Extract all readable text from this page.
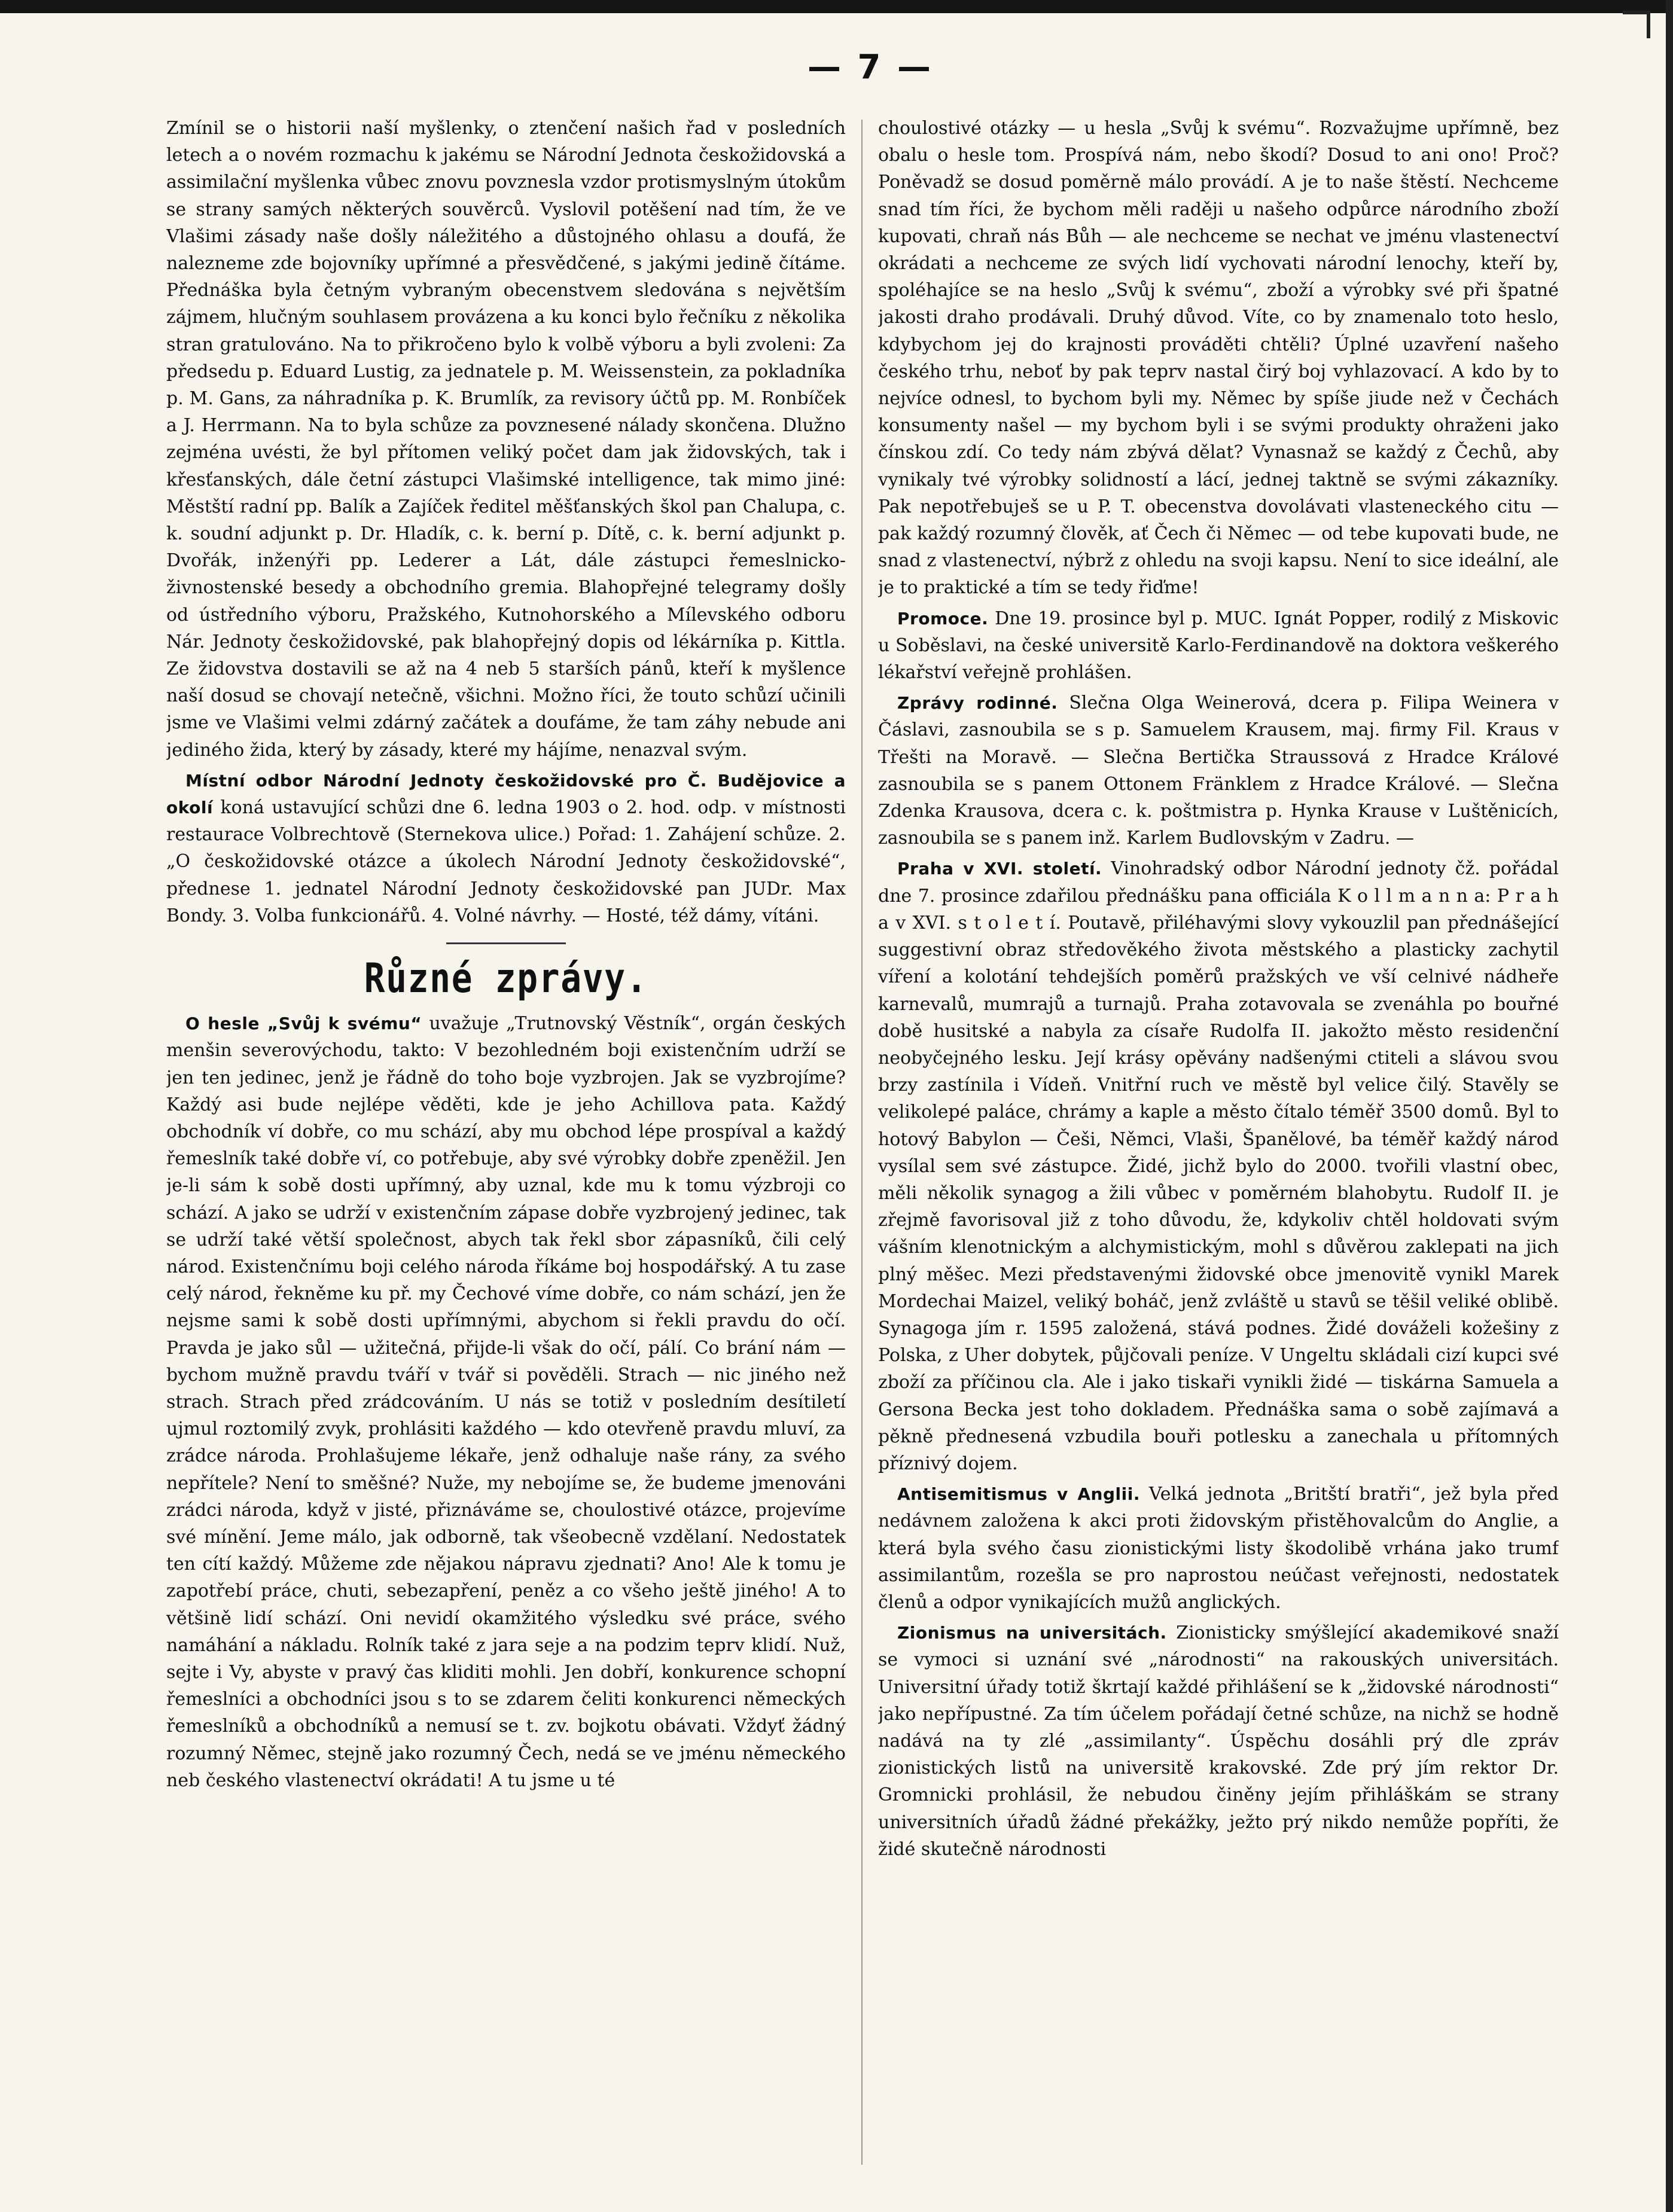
— 7 —

Zmínil se o historii naší myšlenky, o ztenčení našich řad v posledních letech a o novém rozmachu k jakému se Národní Jednota českožidovská a assimilační myšlenka vůbec znovu povznesla vzdor protismyslným útokům se strany samých některých souvěrců. Vyslovil potěšení nad tím, že ve Vlašimi zásady naše došly náležitého a důstojného ohlasu a doufá, že nalezneme zde bojovníky upřímné a přesvědčené, s jakými jedině čítáme. Přednáška byla četným vybraným obecenstvem sledována s největším zájmem, hlučným souhlasem provázena a ku konci bylo řečníku z několika stran gratulováno. Na to přikročeno bylo k volbě výboru a byli zvoleni: Za předsedu p. Eduard Lustig, za jednatele p. M. Weissenstein, za pokladníka p. M. Gans, za náhradníka p. K. Brumlík, za revisory účtů pp. M. Ronbíček a J. Herrmann. Na to byla schůze za povznesené nálady skončena. Dlužno zejména uvésti, že byl přítomen veliký počet dam jak židovských, tak i křesťanských, dále četní zástupci Vlašimské intelligence, tak mimo jiné: Městští radní pp. Balík a Zajíček ředitel měšťanských škol pan Chalupa, c. k. soudní adjunkt p. Dr. Hladík, c. k. berní p. Dítě, c. k. berní adjunkt p. Dvořák, inženýři pp. Lederer a Lát, dále zástupci řemeslnicko-živnostenské besedy a obchodního gremia. Blahopřejné telegramy došly od ústředního výboru, Pražského, Kutnohorského a Mílevského odboru Nár. Jednoty českožidovské, pak blahopřejný dopis od lékárníka p. Kittla. Ze židovstva dostavili se až na 4 neb 5 starších pánů, kteří k myšlence naší dosud se chovají netečně, všichni. Možno říci, že touto schůzí učinili jsme ve Vlašimi velmi zdárný začátek a doufáme, že tam záhy nebude ani jediného žida, který by zásady, které my hájíme, nenazval svým.

Místní odbor Národní Jednoty českožidovské pro Č. Budějovice a okolí koná ustavující schůzi dne 6. ledna 1903 o 2. hod. odp. v místnosti restaurace Volbrechtově (Sternekova ulice.) Pořad: 1. Zahájení schůze. 2. „O českožidovské otázce a úkolech Národní Jednoty českožidovské“, přednese 1. jednatel Národní Jednoty českožidovské pan JUDr. Max Bondy. 3. Volba funkcionářů. 4. Volné návrhy. — Hosté, též dámy, vítáni.

Různé zprávy.

O hesle „Svůj k svému“ uvažuje „Trutnovský Věstník“, orgán českých menšin severovýchodu, takto: V bezohledném boji existenčním udrží se jen ten jedinec, jenž je řádně do toho boje vyzbrojen. Jak se vyzbrojíme? Každý asi bude nejlépe věděti, kde je jeho Achillova pata. Každý obchodník ví dobře, co mu schází, aby mu obchod lépe prospíval a každý řemeslník také dobře ví, co potřebuje, aby své výrobky dobře zpeněžil. Jen je-li sám k sobě dosti upřímný, aby uznal, kde mu k tomu výzbroji co schází. A jako se udrží v existenčním zápase dobře vyzbrojený jedinec, tak se udrží také větší společnost, abych tak řekl sbor zápasníků, čili celý národ. Existenčnímu boji celého národa říkáme boj hospodářský. A tu zase celý národ, řekněme ku př. my Čechové víme dobře, co nám schází, jen že nejsme sami k sobě dosti upřímnými, abychom si řekli pravdu do očí. Pravda je jako sůl — užitečná, přijde-li však do očí, pálí. Co brání nám — bychom mužně pravdu tváří v tvář si pověděli. Strach — nic jiného než strach. Strach před zrádcováním. U nás se totiž v posledním desítiletí ujmul roztomilý zvyk, prohlásiti každého — kdo otevřeně pravdu mluví, za zrádce národa. Prohlašujeme lékaře, jenž odhaluje naše rány, za svého nepřítele? Není to směšné? Nuže, my nebojíme se, že budeme jmenováni zrádci národa, když v jisté, přiznáváme se, choulostivé otázce, projevíme své mínění. Jeme málo, jak odborně, tak všeobecně vzdělaní. Nedostatek ten cítí každý. Můžeme zde nějakou nápravu zjednati? Ano! Ale k tomu je zapotřebí práce, chuti, sebezapření, peněz a co všeho ještě jiného! A to většině lidí schází. Oni nevidí okamžitého výsledku své práce, svého namáhání a nákladu. Rolník také z jara seje a na podzim teprv klidí. Nuž, sejte i Vy, abyste v pravý čas kliditi mohli. Jen dobří, konkurence schopní řemeslníci a obchodníci jsou s to se zdarem čeliti konkurenci německých řemeslníků a obchodníků a nemusí se t. zv. bojkotu obávati. Vždyť žádný rozumný Němec, stejně jako rozumný Čech, nedá se ve jménu německého neb českého vlastenectví okrádati! A tu jsme u té

choulostivé otázky — u hesla „Svůj k svému“. Rozvažujme upřímně, bez obalu o hesle tom. Prospívá nám, nebo škodí? Dosud to ani ono! Proč? Poněvadž se dosud poměrně málo provádí. A je to naše štěstí. Nechceme snad tím říci, že bychom měli raději u našeho odpůrce národního zboží kupovati, chraň nás Bůh — ale nechceme se nechat ve jménu vlastenectví okrádati a nechceme ze svých lidí vychovati národní lenochy, kteří by, spoléhajíce se na heslo „Svůj k svému“, zboží a výrobky své při špatné jakosti draho prodávali. Druhý důvod. Víte, co by znamenalo toto heslo, kdybychom jej do krajnosti prováděti chtěli? Úplné uzavření našeho českého trhu, neboť by pak teprv nastal čirý boj vyhlazovací. A kdo by to nejvíce odnesl, to bychom byli my. Němec by spíše jiude než v Čechách konsumenty našel — my bychom byli i se svými produkty ohraženi jako čínskou zdí. Co tedy nám zbývá dělat? Vynasnaž se každý z Čechů, aby vynikaly tvé výrobky solidností a lácí, jednej taktně se svými zákazníky. Pak nepotřebuješ se u P. T. obecenstva dovolávati vlasteneckého citu — pak každý rozumný člověk, ať Čech či Němec — od tebe kupovati bude, ne snad z vlastenectví, nýbrž z ohledu na svoji kapsu. Není to sice ideální, ale je to praktické a tím se tedy řiďme!

Promoce. Dne 19. prosince byl p. MUC. Ignát Popper, rodilý z Miskovic u Soběslavi, na české universitě Karlo-Ferdinandově na doktora veškerého lékařství veřejně prohlášen.

Zprávy rodinné. Slečna Olga Weinerová, dcera p. Filipa Weinera v Čáslavi, zasnoubila se s p. Samuelem Krausem, maj. firmy Fil. Kraus v Třešti na Moravě. — Slečna Bertička Straussová z Hradce Králové zasnoubila se s panem Ottonem Fränklem z Hradce Králové. — Slečna Zdenka Krausova, dcera c. k. poštmistra p. Hynka Krause v Luštěnicích, zasnoubila se s panem inž. Karlem Budlovským v Zadru. —

Praha v XVI. století. Vinohradský odbor Národní jednoty čž. pořádal dne 7. prosince zdařilou přednášku pana officiála K o l l m a n n a: P r a h a v XVI. s t o l e t í. Poutavě, přiléhavými slovy vykouzlil pan přednášející suggestivní obraz středověkého života městského a plasticky zachytil víření a kolotání tehdejších poměrů pražských ve vší celnivé nádheře karnevalů, mumrajů a turnajů. Praha zotavovala se zvenáhla po bouřné době husitské a nabyla za císaře Rudolfa II. jakožto město residenční neobyčejného lesku. Její krásy opěvány nadšenými ctiteli a slávou svou brzy zastínila i Vídeň. Vnitřní ruch ve městě byl velice čilý. Stavěly se velikolepé paláce, chrámy a kaple a město čítalo téměř 3500 domů. Byl to hotový Babylon — Češi, Němci, Vlaši, Španělové, ba téměř každý národ vysílal sem své zástupce. Židé, jichž bylo do 2000. tvořili vlastní obec, měli několik synagog a žili vůbec v poměrném blahobytu. Rudolf II. je zřejmě favorisoval již z toho důvodu, že, kdykoliv chtěl holdovati svým vášním klenotnickým a alchymistickým, mohl s důvěrou zaklepati na jich plný měšec. Mezi představenými židovské obce jmenovitě vynikl Marek Mordechai Maizel, veliký boháč, jenž zvláště u stavů se těšil veliké oblibě. Synagoga jím r. 1595 založená, stává podnes. Židé dováželi kožešiny z Polska, z Uher dobytek, půjčovali peníze. V Ungeltu skládali cizí kupci své zboží za příčinou cla. Ale i jako tiskaři vynikli židé — tiskárna Samuela a Gersona Becka jest toho dokladem. Přednáška sama o sobě zajímavá a pěkně přednesená vzbudila bouři potlesku a zanechala u přítomných příznivý dojem.

Antisemitismus v Anglii. Velká jednota „Britští bratři“, jež byla před nedávnem založena k akci proti židovským přistěhovalcům do Anglie, a která byla svého času zionistickými listy škodolibě vrhána jako trumf assimilantům, rozešla se pro naprostou neúčast veřejnosti, nedostatek členů a odpor vynikajících mužů anglických.

Zionismus na universitách. Zionisticky smýšlející akademikové snaží se vymoci si uznání své „národnosti“ na rakouských universitách. Universitní úřady totiž škrtají každé přihlášení se k „židovské národnosti“ jako nepřípustné. Za tím účelem pořádají četné schůze, na nichž se hodně nadává na ty zlé „assimilanty“. Úspěchu dosáhli prý dle zpráv zionistických listů na universitě krakovské. Zde prý jím rektor Dr. Gromnicki prohlásil, že nebudou činěny jejím přihláškám se strany universitních úřadů žádné překážky, ježto prý nikdo nemůže popříti, že židé skutečně národnosti
